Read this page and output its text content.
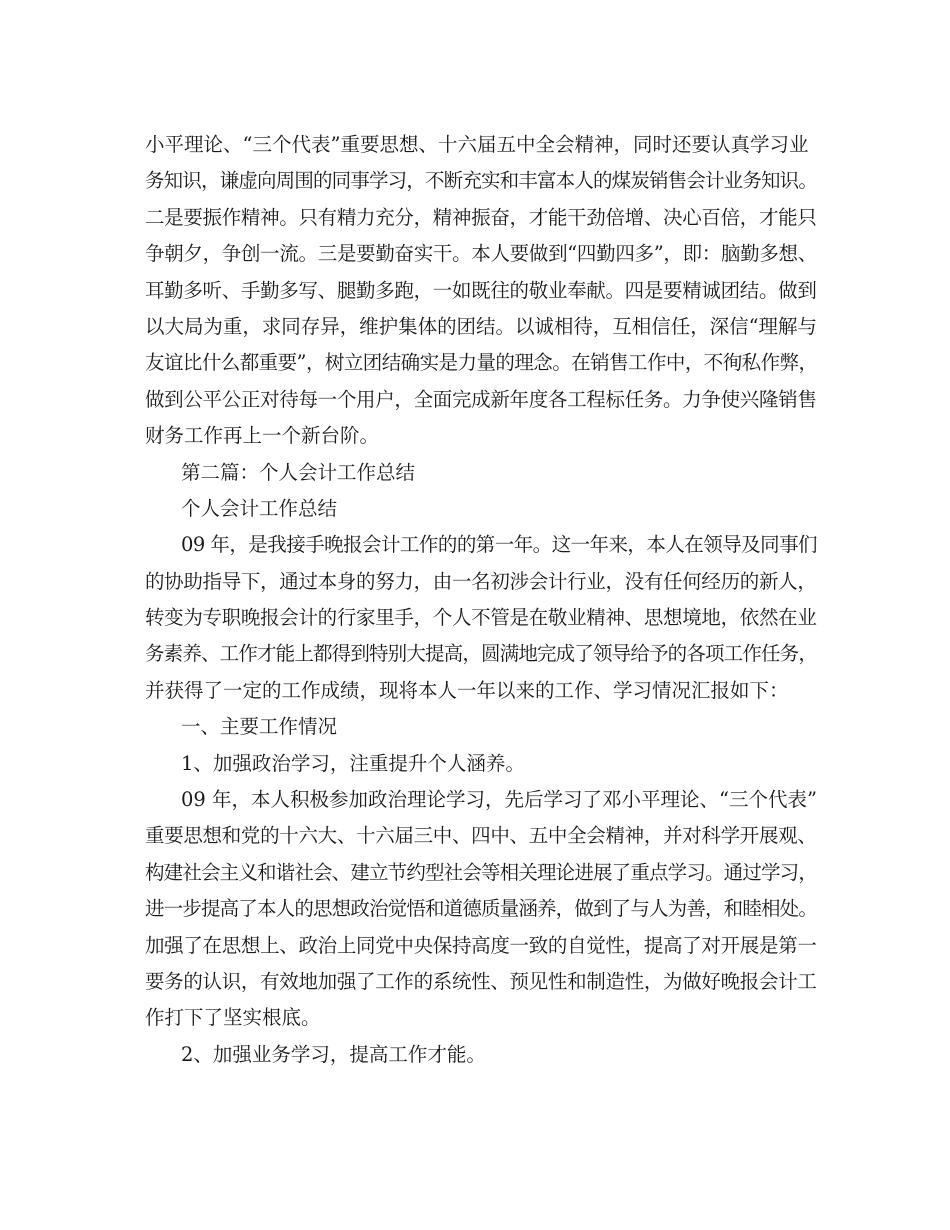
小平理论、“三个代表”重要思想、十六届五中全会精神，同时还要认真学习业
务知识，谦虚向周围的同事学习，不断充实和丰富本人的煤炭销售会计业务知识。
二是要振作精神。只有精力充分，精神振奋，才能干劲倍增、决心百倍，才能只
争朝夕，争创一流。三是要勤奋实干。本人要做到“四勤四多”，即：脑勤多想、
耳勤多听、手勤多写、腿勤多跑，一如既往的敬业奉献。四是要精诚团结。做到
以大局为重，求同存异，维护集体的团结。以诚相待，互相信任，深信“理解与
友谊比什么都重要”，树立团结确实是力量的理念。在销售工作中，不徇私作弊，
做到公平公正对待每一个用户，全面完成新年度各工程标任务。力争使兴隆销售
财务工作再上一个新台阶。
第二篇：个人会计工作总结
个人会计工作总结
09 年，是我接手晚报会计工作的的第一年。这一年来，本人在领导及同事们
的协助指导下，通过本身的努力，由一名初涉会计行业，没有任何经历的新人，
转变为专职晚报会计的行家里手，个人不管是在敬业精神、思想境地，依然在业
务素养、工作才能上都得到特别大提高，圆满地完成了领导给予的各项工作任务，
并获得了一定的工作成绩，现将本人一年以来的工作、学习情况汇报如下：
一、主要工作情况
1、加强政治学习，注重提升个人涵养。
09 年，本人积极参加政治理论学习，先后学习了邓小平理论、“三个代表”
重要思想和党的十六大、十六届三中、四中、五中全会精神，并对科学开展观、
构建社会主义和谐社会、建立节约型社会等相关理论进展了重点学习。通过学习，
进一步提高了本人的思想政治觉悟和道德质量涵养，做到了与人为善，和睦相处。
加强了在思想上、政治上同党中央保持高度一致的自觉性，提高了对开展是第一
要务的认识，有效地加强了工作的系统性、预见性和制造性，为做好晚报会计工
作打下了坚实根底。
2、加强业务学习，提高工作才能。
